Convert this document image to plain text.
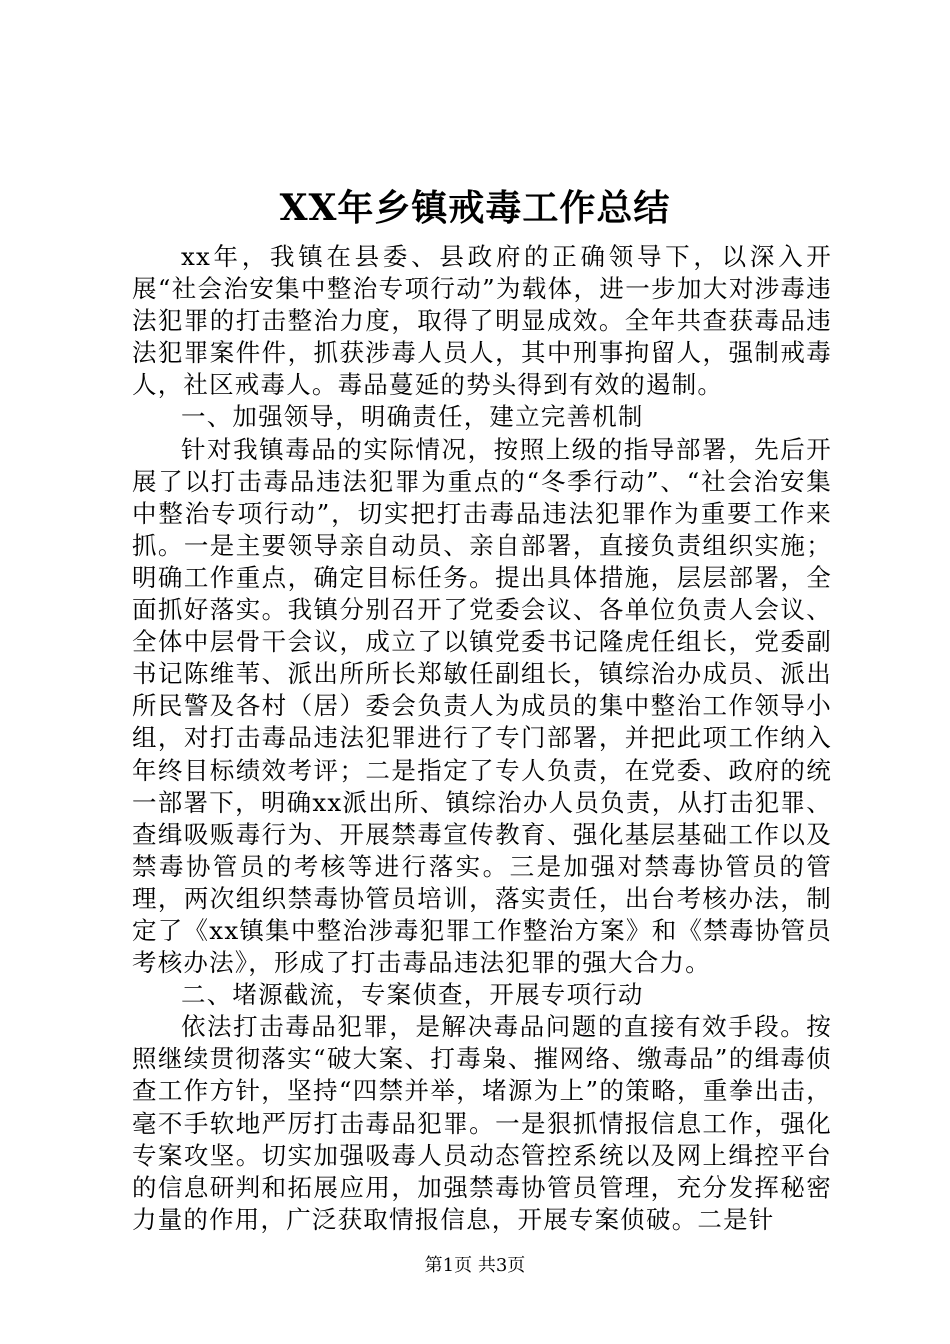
XX年乡镇戒毒工作总结

xx年，我镇在县委、县政府的正确领导下，以深入开展“社会治安集中整治专项行动”为载体，进一步加大对涉毒违法犯罪的打击整治力度，取得了明显成效。全年共查获毒品违法犯罪案件件，抓获涉毒人员人，其中刑事拘留人，强制戒毒人，社区戒毒人。毒品蔓延的势头得到有效的遏制。

一、加强领导，明确责任，建立完善机制

针对我镇毒品的实际情况，按照上级的指导部署，先后开展了以打击毒品违法犯罪为重点的“冬季行动”、“社会治安集中整治专项行动”，切实把打击毒品违法犯罪作为重要工作来抓。一是主要领导亲自动员、亲自部署，直接负责组织实施；明确工作重点，确定目标任务。提出具体措施，层层部署，全面抓好落实。我镇分别召开了党委会议、各单位负责人会议、全体中层骨干会议，成立了以镇党委书记隆虎任组长，党委副书记陈维苇、派出所所长郑敏任副组长，镇综治办成员、派出所民警及各村（居）委会负责人为成员的集中整治工作领导小组，对打击毒品违法犯罪进行了专门部署，并把此项工作纳入年终目标绩效考评；二是指定了专人负责，在党委、政府的统一部署下，明确xx派出所、镇综治办人员负责，从打击犯罪、查缉吸贩毒行为、开展禁毒宣传教育、强化基层基础工作以及禁毒协管员的考核等进行落实。三是加强对禁毒协管员的管理，两次组织禁毒协管员培训，落实责任，出台考核办法，制定了《xx镇集中整治涉毒犯罪工作整治方案》和《禁毒协管员考核办法》，形成了打击毒品违法犯罪的强大合力。

二、堵源截流，专案侦查，开展专项行动

依法打击毒品犯罪，是解决毒品问题的直接有效手段。按照继续贯彻落实“破大案、打毒枭、摧网络、缴毒品”的缉毒侦查工作方针，坚持“四禁并举，堵源为上”的策略，重拳出击，毫不手软地严厉打击毒品犯罪。一是狠抓情报信息工作，强化专案攻坚。切实加强吸毒人员动态管控系统以及网上缉控平台的信息研判和拓展应用，加强禁毒协管员管理，充分发挥秘密力量的作用，广泛获取情报信息，开展专案侦破。二是针

第1页 共3页
